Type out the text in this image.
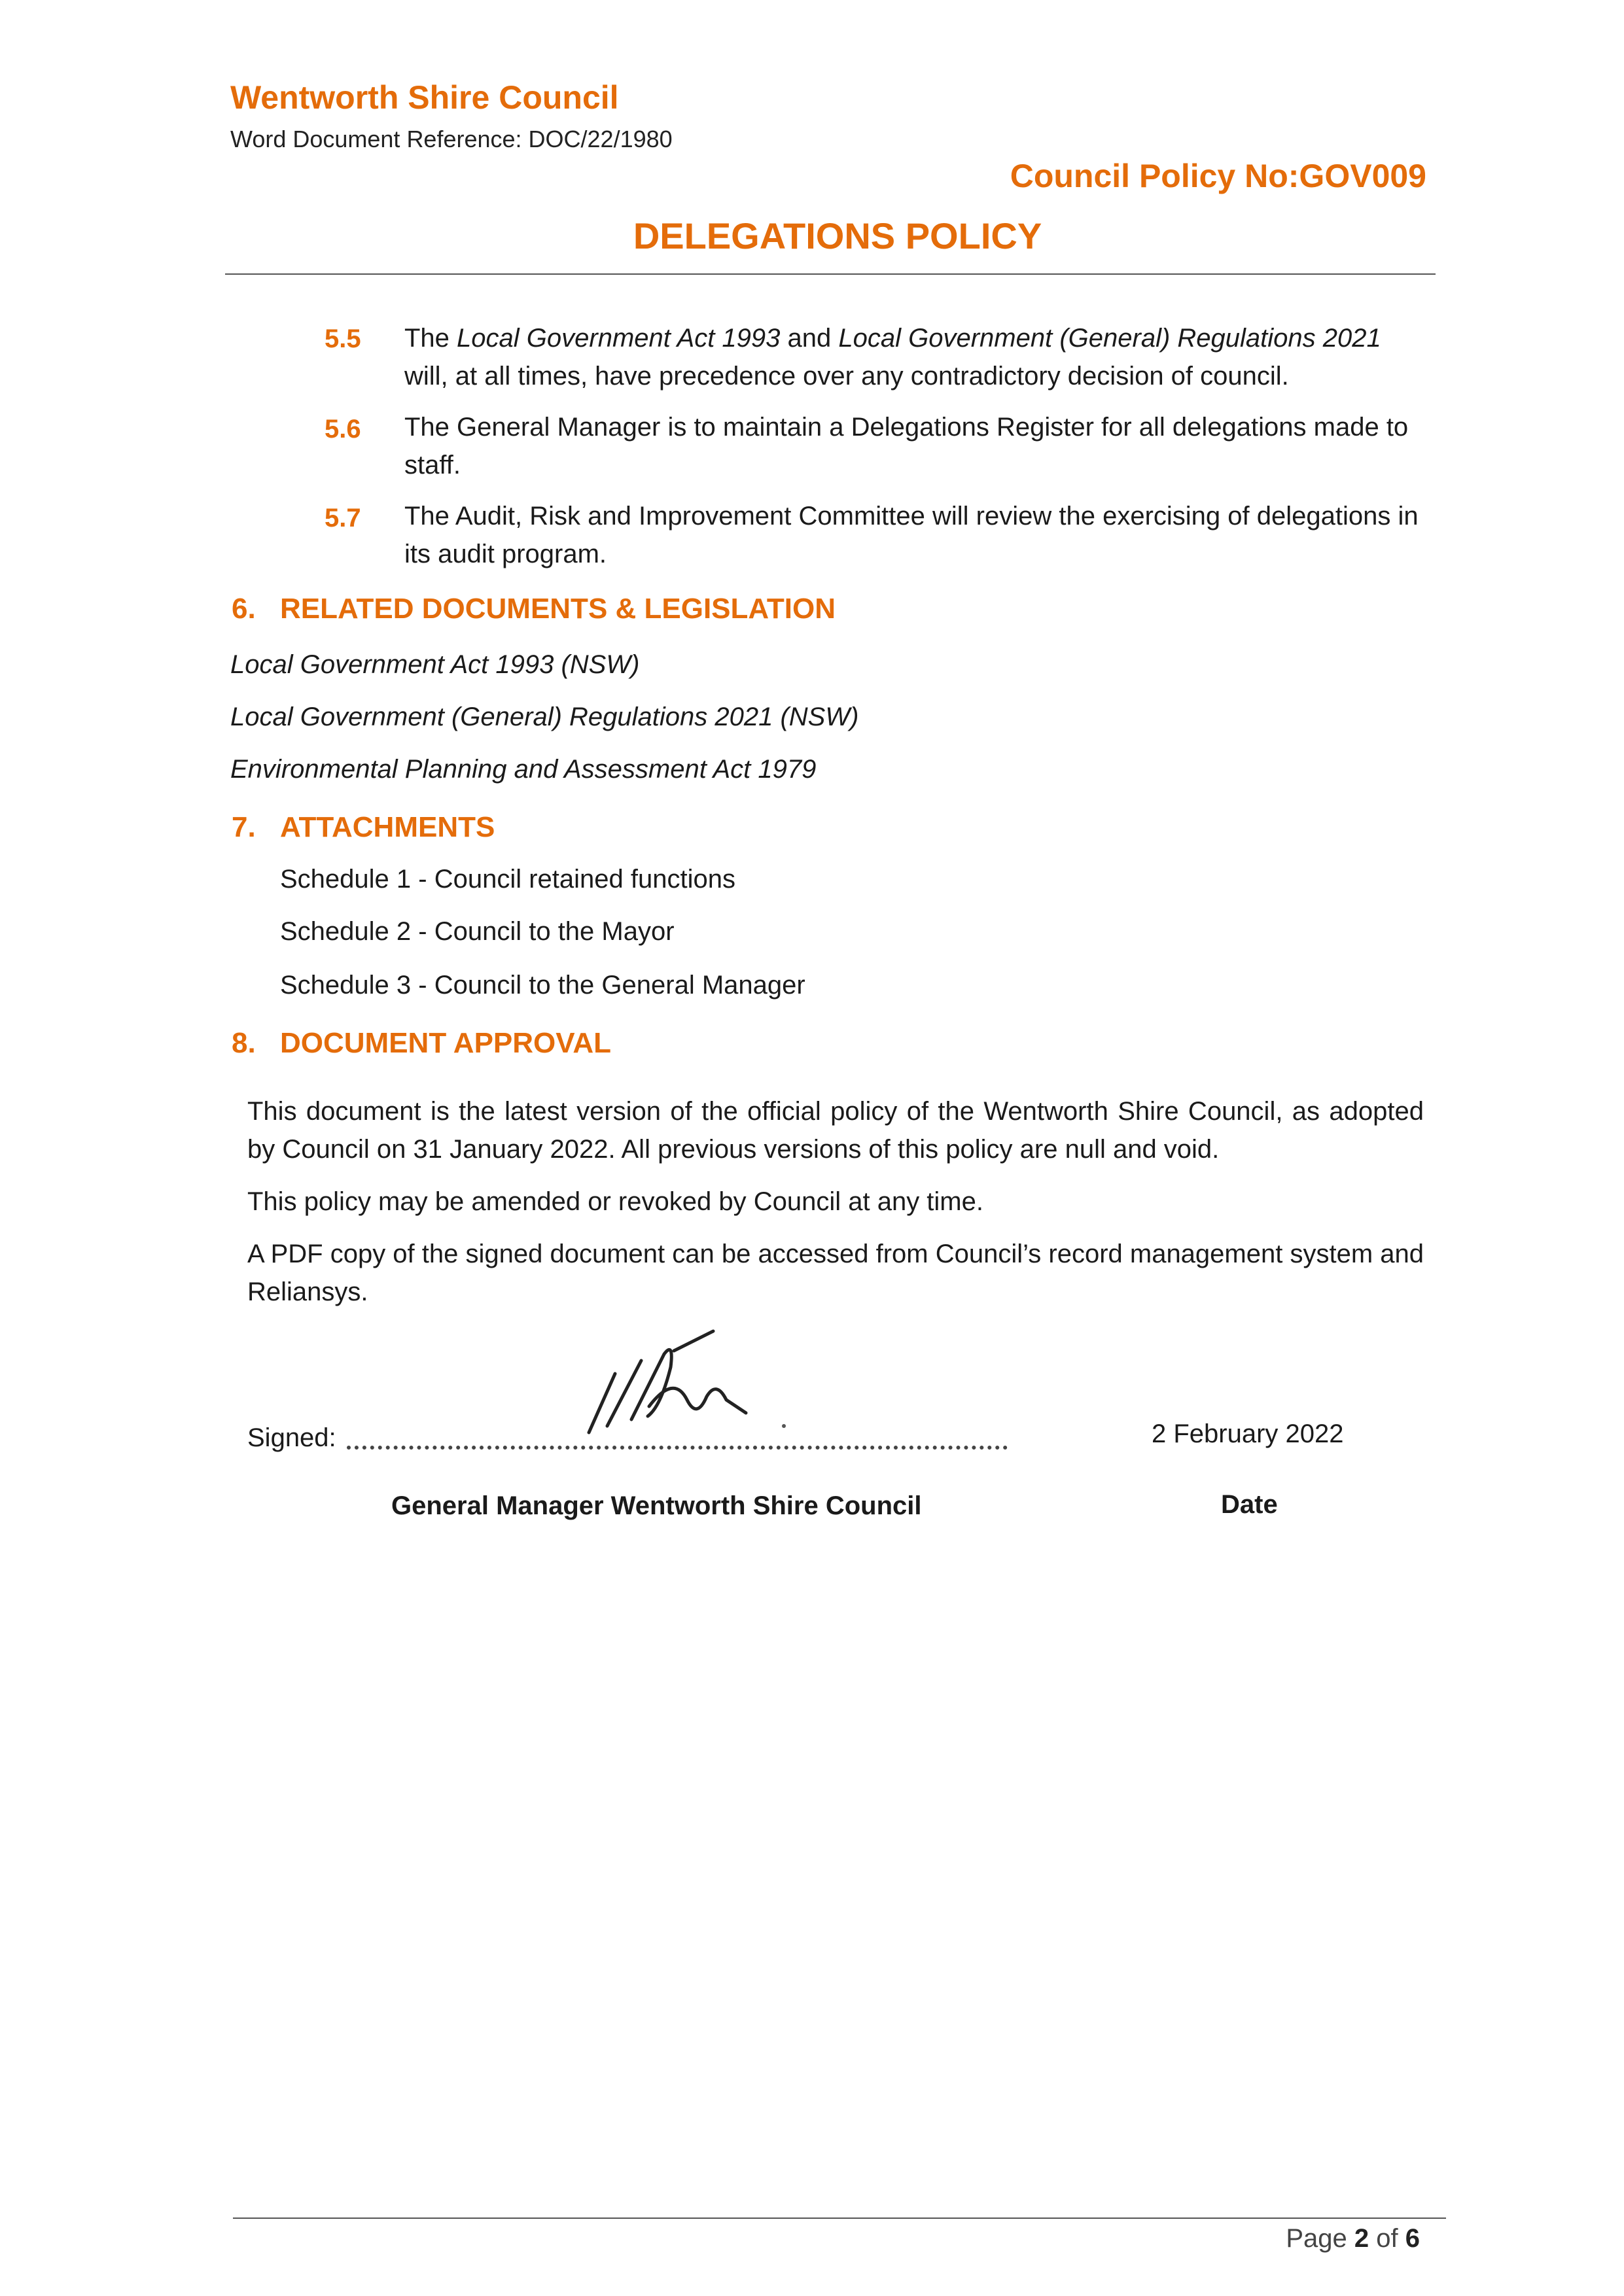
Wentworth Shire Council
Word Document Reference: DOC/22/1980
Council Policy No:GOV009
DELEGATIONS POLICY
5.5 The Local Government Act 1993 and Local Government (General) Regulations 2021 will, at all times, have precedence over any contradictory decision of council.
5.6 The General Manager is to maintain a Delegations Register for all delegations made to staff.
5.7 The Audit, Risk and Improvement Committee will review the exercising of delegations in its audit program.
6. RELATED DOCUMENTS & LEGISLATION
Local Government Act 1993 (NSW)
Local Government (General) Regulations 2021 (NSW)
Environmental Planning and Assessment Act 1979
7. ATTACHMENTS
Schedule 1 - Council retained functions
Schedule 2 - Council to the Mayor
Schedule 3 - Council to the General Manager
8. DOCUMENT APPROVAL
This document is the latest version of the official policy of the Wentworth Shire Council, as adopted by Council on 31 January 2022. All previous versions of this policy are null and void.
This policy may be amended or revoked by Council at any time.
A PDF copy of the signed document can be accessed from Council’s record management system and Reliansys.
Signed:	2 February 2022
General Manager Wentworth Shire Council	Date
Page 2 of 6
